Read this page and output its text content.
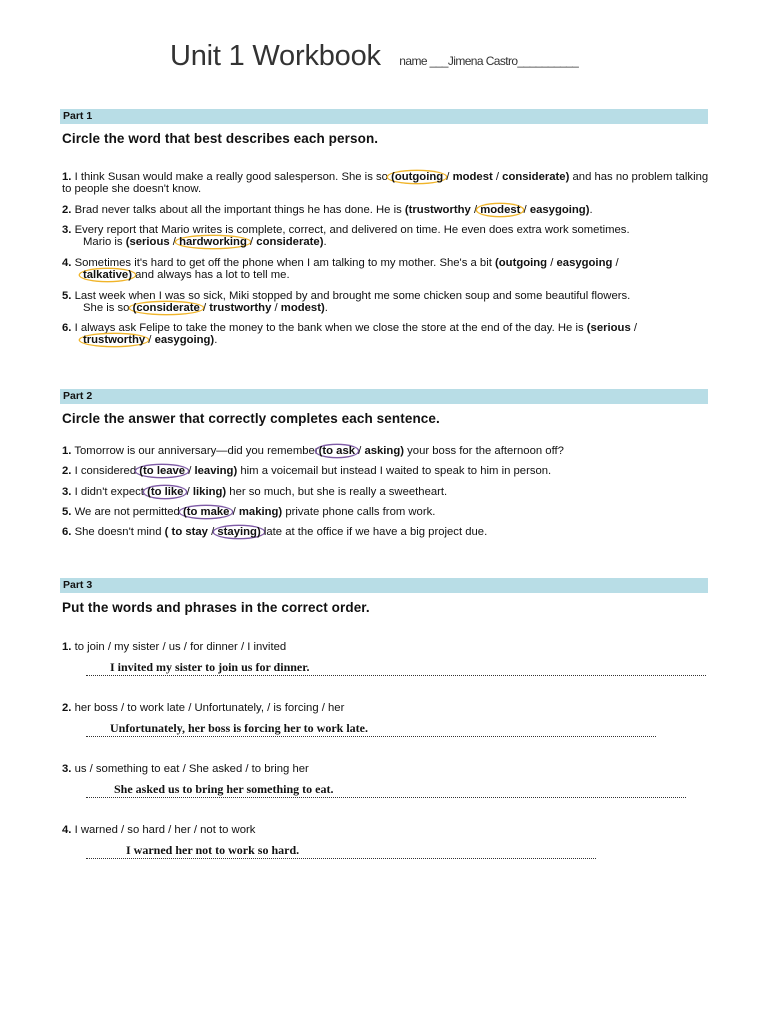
Unit 1 Workbook name ___Jimena Castro__________
Part 1
Circle the word that best describes each person.
1. I think Susan would make a really good salesperson. She is so (outgoing / modest / considerate) and has no problem talking to people she doesn't know.
2. Brad never talks about all the important things he has done. He is (trustworthy / modest / easygoing).
3. Every report that Mario writes is complete, correct, and delivered on time. He even does extra work sometimes.
Mario is (serious / hardworking / considerate).
4. Sometimes it's hard to get off the phone when I am talking to my mother. She's a bit (outgoing / easygoing /
talkative) and always has a lot to tell me.
5. Last week when I was so sick, Miki stopped by and brought me some chicken soup and some beautiful flowers.
She is so (considerate / trustworthy / modest).
6. I always ask Felipe to take the money to the bank when we close the store at the end of the day. He is (serious /
trustworthy / easygoing).
Part 2
Circle the answer that correctly completes each sentence.
1. Tomorrow is our anniversary—did you remember(to ask / asking) your boss for the afternoon off?
2. I considered (to leave / leaving) him a voicemail but instead I waited to speak to him in person.
3. I didn't expect (to like / liking) her so much, but she is really a sweetheart.
5. We are not permitted (to make / making) private phone calls from work.
6. She doesn't mind ( to stay / staying) late at the office if we have a big project due.
Part 3
Put the words and phrases in the correct order.
1. to join / my sister / us / for dinner / I invited
I invited my sister to join us for dinner.
2. her boss / to work late / Unfortunately, / is forcing / her
Unfortunately, her boss is forcing her to work late.
3. us / something to eat / She asked / to bring her
She asked us to bring her something to eat.
4. I warned / so hard / her / not to work
I warned her not to work so hard.
